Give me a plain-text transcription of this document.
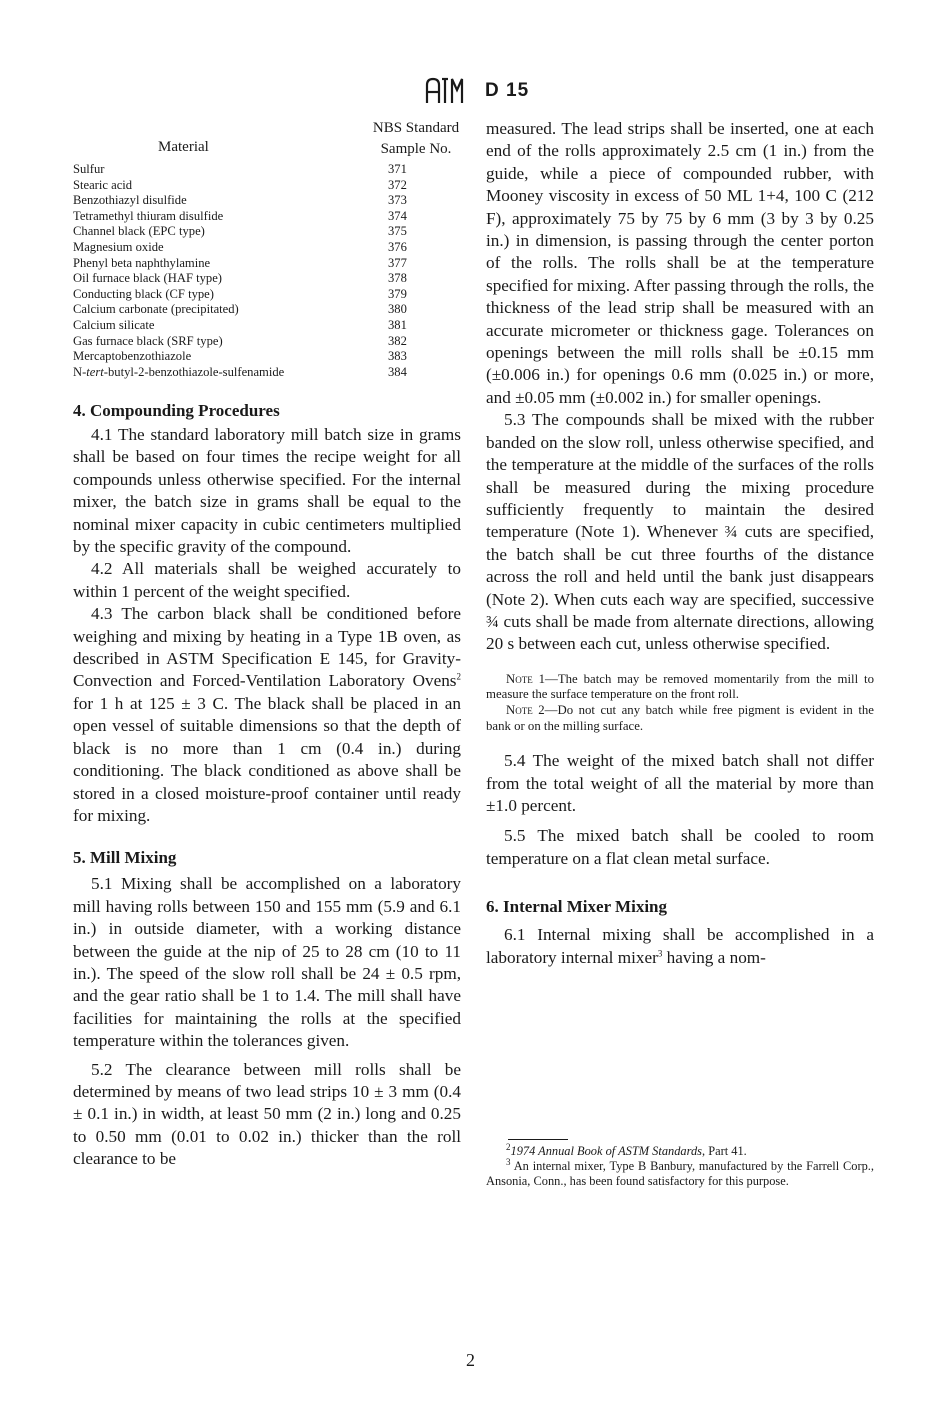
D 15
Material
NBS Standard
Sample No.
Sulfur	371
Stearic acid	372
Benzothiazyl disulfide	373
Tetramethyl thiuram disulfide	374
Channel black (EPC type)	375
Magnesium oxide	376
Phenyl beta naphthylamine	377
Oil furnace black (HAF type)	378
Conducting black (CF type)	379
Calcium carbonate (precipitated)	380
Calcium silicate	381
Gas furnace black (SRF type)	382
Mercaptobenzothiazole	383
N-tert-butyl-2-benzothiazole-sulfenamide	384
4. Compounding Procedures

4.1 The standard laboratory mill batch size in grams shall be based on four times the recipe weight for all compounds unless otherwise specified. For the internal mixer, the batch size in grams shall be equal to the nominal mixer capacity in cubic centimeters multiplied by the specific gravity of the compound.

4.2 All materials shall be weighed accurately to within 1 percent of the weight specified.

4.3 The carbon black shall be conditioned before weighing and mixing by heating in a Type 1B oven, as described in ASTM Specification E 145, for Gravity-Convection and Forced-Ventilation Laboratory Ovens$^2$ for 1 h at 125 ± 3 C. The black shall be placed in an open vessel of suitable dimensions so that the depth of black is no more than 1 cm (0.4 in.) during conditioning. The black conditioned as above shall be stored in a closed moisture-proof container until ready for mixing.

5. Mill Mixing

5.1 Mixing shall be accomplished on a laboratory mill having rolls between 150 and 155 mm (5.9 and 6.1 in.) in outside diameter, with a working distance between the guide at the nip of 25 to 28 cm (10 to 11 in.). The speed of the slow roll shall be 24 ± 0.5 rpm, and the gear ratio shall be 1 to 1.4. The mill shall have facilities for maintaining the rolls at the specified temperature within the tolerances given.

5.2 The clearance between mill rolls shall be determined by means of two lead strips 10 ± 3 mm (0.4 ± 0.1 in.) in width, at least 50 mm (2 in.) long and 0.25 to 0.50 mm (0.01 to 0.02 in.) thicker than the roll clearance to be

measured. The lead strips shall be inserted, one at each end of the rolls approximately 2.5 cm (1 in.) from the guide, while a piece of compounded rubber, with Mooney viscosity in excess of 50 ML 1+4, 100 C (212 F), approximately 75 by 75 by 6 mm (3 by 3 by 0.25 in.) in dimension, is passing through the center porton of the rolls. The rolls shall be at the temperature specified for mixing. After passing through the rolls, the thickness of the lead strip shall be measured with an accurate micrometer or thickness gage. Tolerances on openings between the mill rolls shall be ±0.15 mm (±0.006 in.) for openings 0.6 mm (0.025 in.) or more, and ±0.05 mm (±0.002 in.) for smaller openings.

5.3 The compounds shall be mixed with the rubber banded on the slow roll, unless otherwise specified, and the temperature at the middle of the surfaces of the rolls shall be measured during the mixing procedure sufficiently frequently to maintain the desired temperature (Note 1). Whenever ¾ cuts are specified, the batch shall be cut three fourths of the distance across the roll and held until the bank just disappears (Note 2). When cuts each way are specified, successive ¾ cuts shall be made from alternate directions, allowing 20 s between each cut, unless otherwise specified.

Note 1—The batch may be removed momentarily from the mill to measure the surface temperature on the front roll.

Note 2—Do not cut any batch while free pigment is evident in the bank or on the milling surface.

5.4 The weight of the mixed batch shall not differ from the total weight of all the material by more than ±1.0 percent.

5.5 The mixed batch shall be cooled to room temperature on a flat clean metal surface.

6. Internal Mixer Mixing

6.1 Internal mixing shall be accomplished in a laboratory internal mixer$^3$ having a nom-

$^2$1974 Annual Book of ASTM Standards, Part 41.

$^3$ An internal mixer, Type B Banbury, manufactured by the Farrell Corp., Ansonia, Conn., has been found satisfactory for this purpose.

2
